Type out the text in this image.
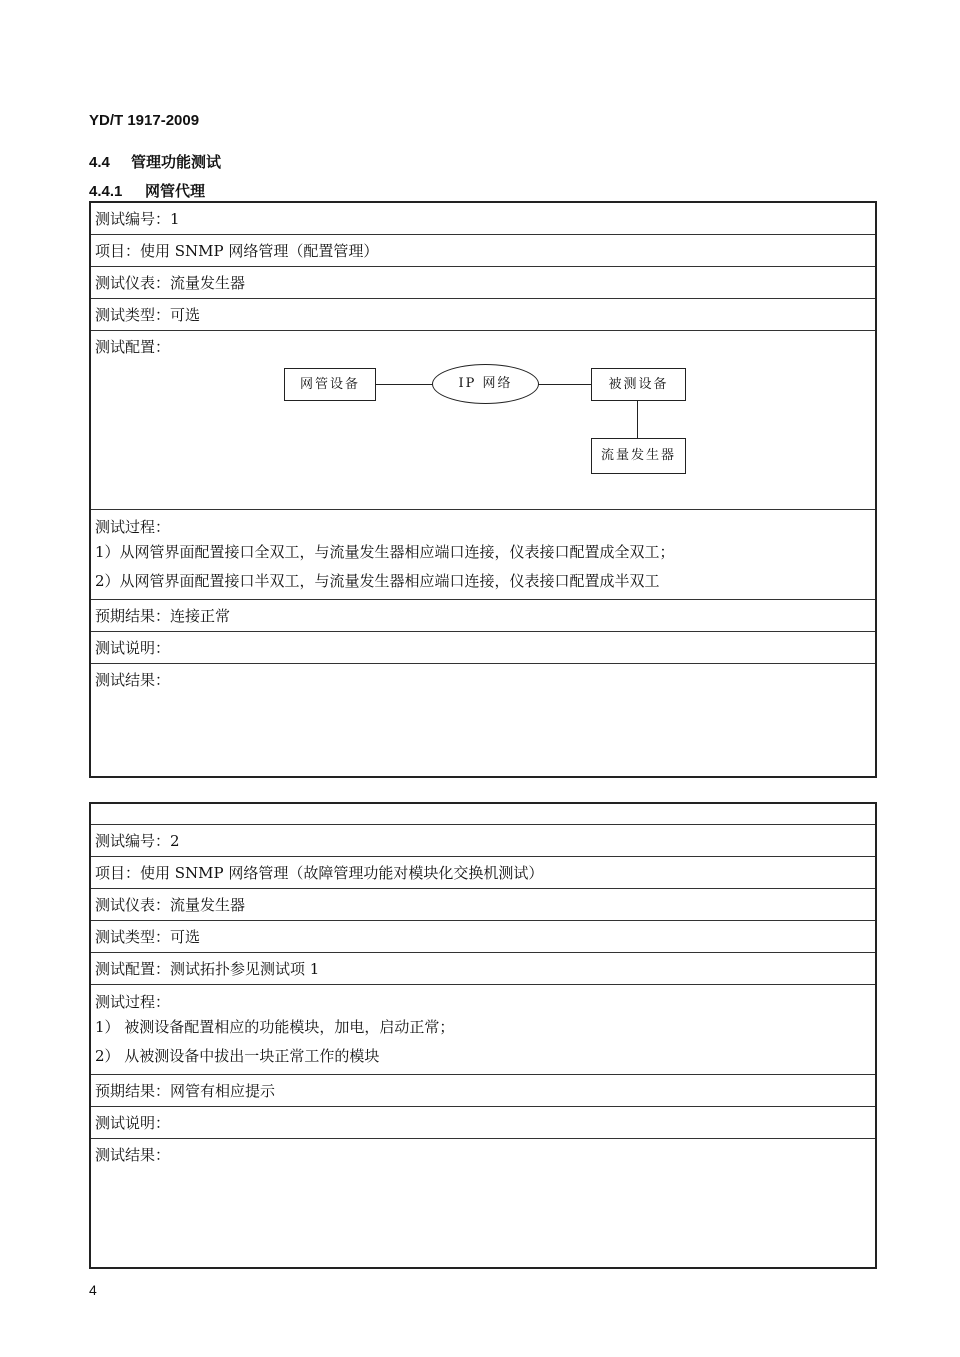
YD/T 1917-2009
4.4 管理功能测试
4.4.1 网管代理
测试编号：1
项目：使用 SNMP 网络管理（配置管理）
测试仪表：流量发生器
测试类型：可选

测试配置：
网管设备	IP 网络	被测设备
流量发生器

测试过程：
1）从网管界面配置接口全双工，与流量发生器相应端口连接，仪表接口配置成全双工；
2）从网管界面配置接口半双工，与流量发生器相应端口连接，仪表接口配置成半双工

预期结果：连接正常
测试说明：
测试结果：

测试编号：2
项目：使用 SNMP 网络管理（故障管理功能对模块化交换机测试）
测试仪表：流量发生器
测试类型：可选
测试配置：测试拓扑参见测试项 1

测试过程：
1） 被测设备配置相应的功能模块，加电，启动正常；
2） 从被测设备中拔出一块正常工作的模块

预期结果：网管有相应提示
测试说明：
测试结果：
4
